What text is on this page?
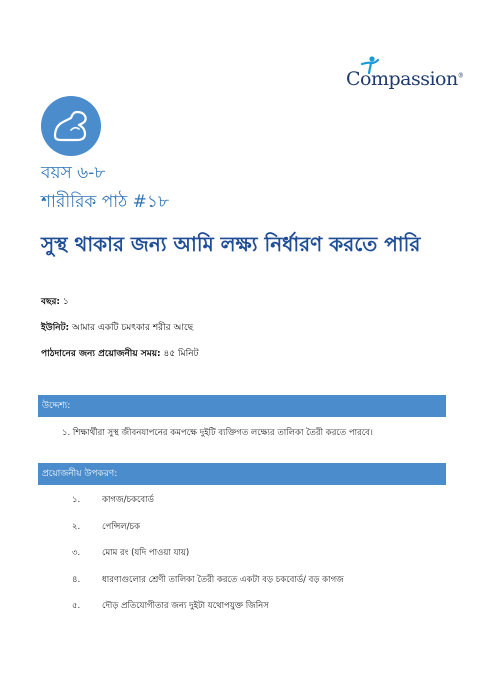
Compassion®
বয়স ৬-৮
শারীরিক পাঠ #১৮
সুস্থ থাকার জন্য আমি লক্ষ্য নির্ধারণ করতে পারি
বছর: ১
ইউনিট: আমার একটি চমৎকার শরীর আছে
পাঠদানের জন্য প্রয়োজনীয় সময়: ৪৫ মিনিট
উদ্দেশ্য:
১. শিক্ষার্থীরা সুস্থ জীবনযাপনের কমপক্ষে দুইটি ব্যক্তিগত লক্ষ্যের তালিকা তৈরী করতে পারবে।
প্রয়োজনীয় উপকরণ:
১.	কাগজ/চকবোর্ড
২.	পেন্সিল/চক
৩.	মোম রং (যদি পাওয়া যায়)
৪.	ধারণাগুলোর শ্রেণী তালিকা তৈরী করতে একটা বড় চকবোর্ড/ বড় কাগজ
৫.	দৌড় প্রতিযোগীতার জন্য দুইটা যথোপযুক্ত জিনিস
